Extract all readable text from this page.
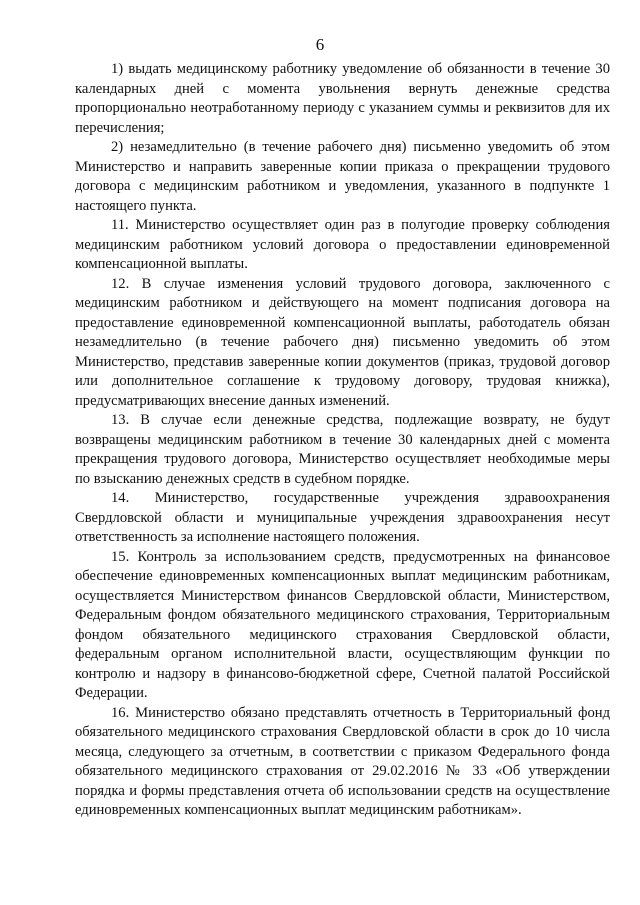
6

1) выдать медицинскому работнику уведомление об обязанности в течение 30 календарных дней с момента увольнения вернуть денежные средства пропорционально неотработанному периоду с указанием суммы и реквизитов для их перечисления;

2) незамедлительно (в течение рабочего дня) письменно уведомить об этом Министерство и направить заверенные копии приказа о прекращении трудового договора с медицинским работником и уведомления, указанного в подпункте 1 настоящего пункта.

11. Министерство осуществляет один раз в полугодие проверку соблюдения медицинским работником условий договора о предоставлении единовременной компенсационной выплаты.

12. В случае изменения условий трудового договора, заключенного с медицинским работником и действующего на момент подписания договора на предоставление единовременной компенсационной выплаты, работодатель обязан незамедлительно (в течение рабочего дня) письменно уведомить об этом Министерство, представив заверенные копии документов (приказ, трудовой договор или дополнительное соглашение к трудовому договору, трудовая книжка), предусматривающих внесение данных изменений.

13. В случае если денежные средства, подлежащие возврату, не будут возвращены медицинским работником в течение 30 календарных дней с момента прекращения трудового договора, Министерство осуществляет необходимые меры по взысканию денежных средств в судебном порядке.

14. Министерство, государственные учреждения здравоохранения Свердловской области и муниципальные учреждения здравоохранения несут ответственность за исполнение настоящего положения.

15. Контроль за использованием средств, предусмотренных на финансовое обеспечение единовременных компенсационных выплат медицинским работникам, осуществляется Министерством финансов Свердловской области, Министерством, Федеральным фондом обязательного медицинского страхования, Территориальным фондом обязательного медицинского страхования Свердловской области, федеральным органом исполнительной власти, осуществляющим функции по контролю и надзору в финансово-бюджетной сфере, Счетной палатой Российской Федерации.

16. Министерство обязано представлять отчетность в Территориальный фонд обязательного медицинского страхования Свердловской области в срок до 10 числа месяца, следующего за отчетным, в соответствии с приказом Федерального фонда обязательного медицинского страхования от 29.02.2016 № 33 «Об утверждении порядка и формы представления отчета об использовании средств на осуществление единовременных компенсационных выплат медицинским работникам».
